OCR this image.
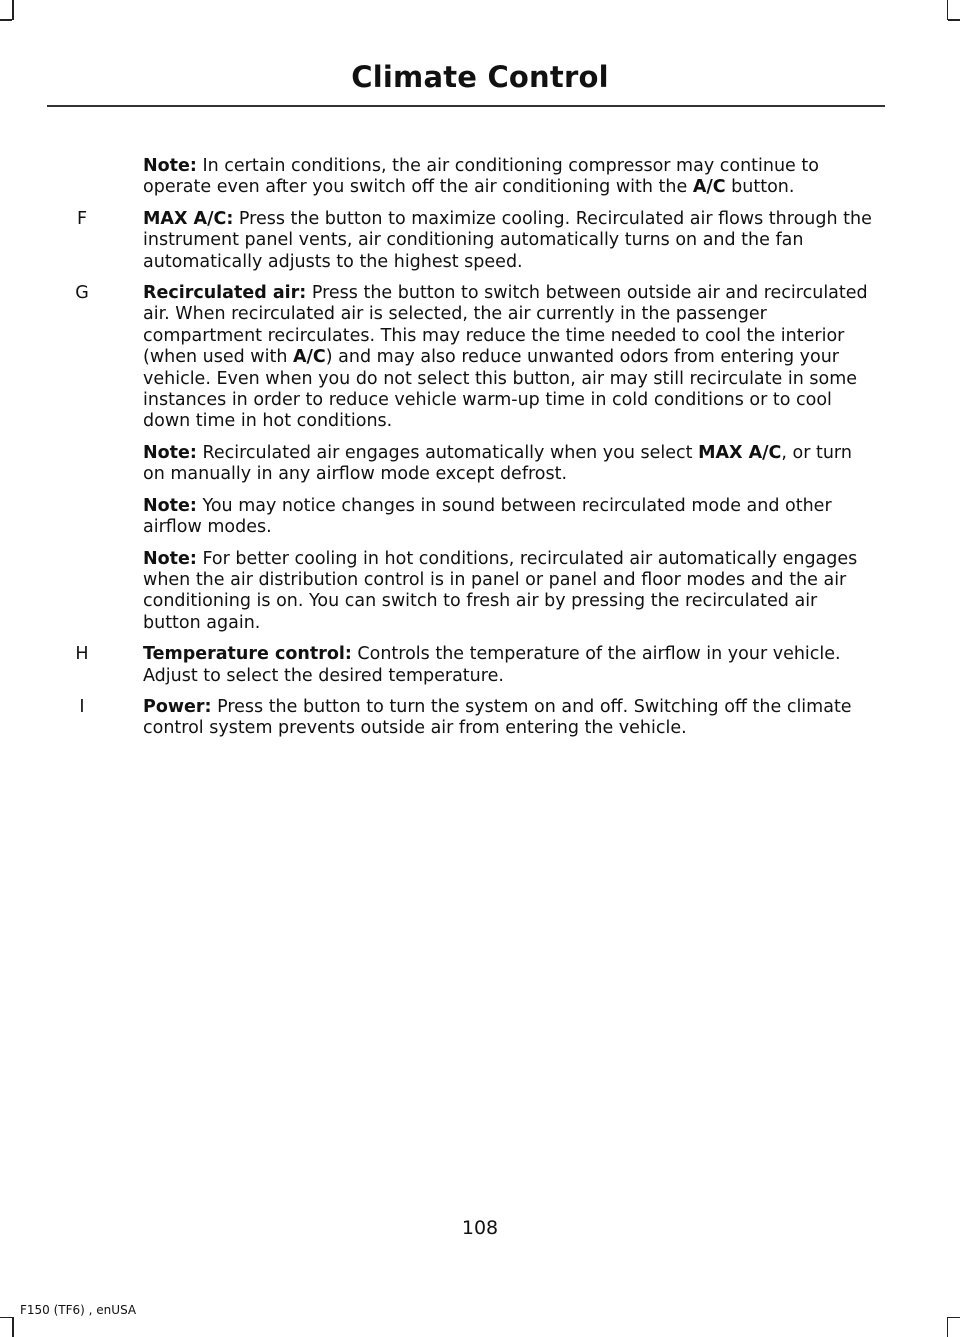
Climate Control
Note: In certain conditions, the air conditioning compressor may continue to operate even after you switch off the air conditioning with the A/C button.
F	MAX A/C: Press the button to maximize cooling. Recirculated air flows through the instrument panel vents, air conditioning automatically turns on and the fan automatically adjusts to the highest speed.
G	Recirculated air: Press the button to switch between outside air and recirculated air. When recirculated air is selected, the air currently in the passenger compartment recirculates. This may reduce the time needed to cool the interior (when used with A/C) and may also reduce unwanted odors from entering your vehicle. Even when you do not select this button, air may still recirculate in some instances in order to reduce vehicle warm-up time in cold conditions or to cool down time in hot conditions.
Note: Recirculated air engages automatically when you select MAX A/C, or turn on manually in any airflow mode except defrost.
Note: You may notice changes in sound between recirculated mode and other airflow modes.
Note: For better cooling in hot conditions, recirculated air automatically engages when the air distribution control is in panel or panel and floor modes and the air conditioning is on. You can switch to fresh air by pressing the recirculated air button again.
H	Temperature control: Controls the temperature of the airflow in your vehicle. Adjust to select the desired temperature.
I	Power: Press the button to turn the system on and off. Switching off the climate control system prevents outside air from entering the vehicle.
108
F150 (TF6) , enUSA
